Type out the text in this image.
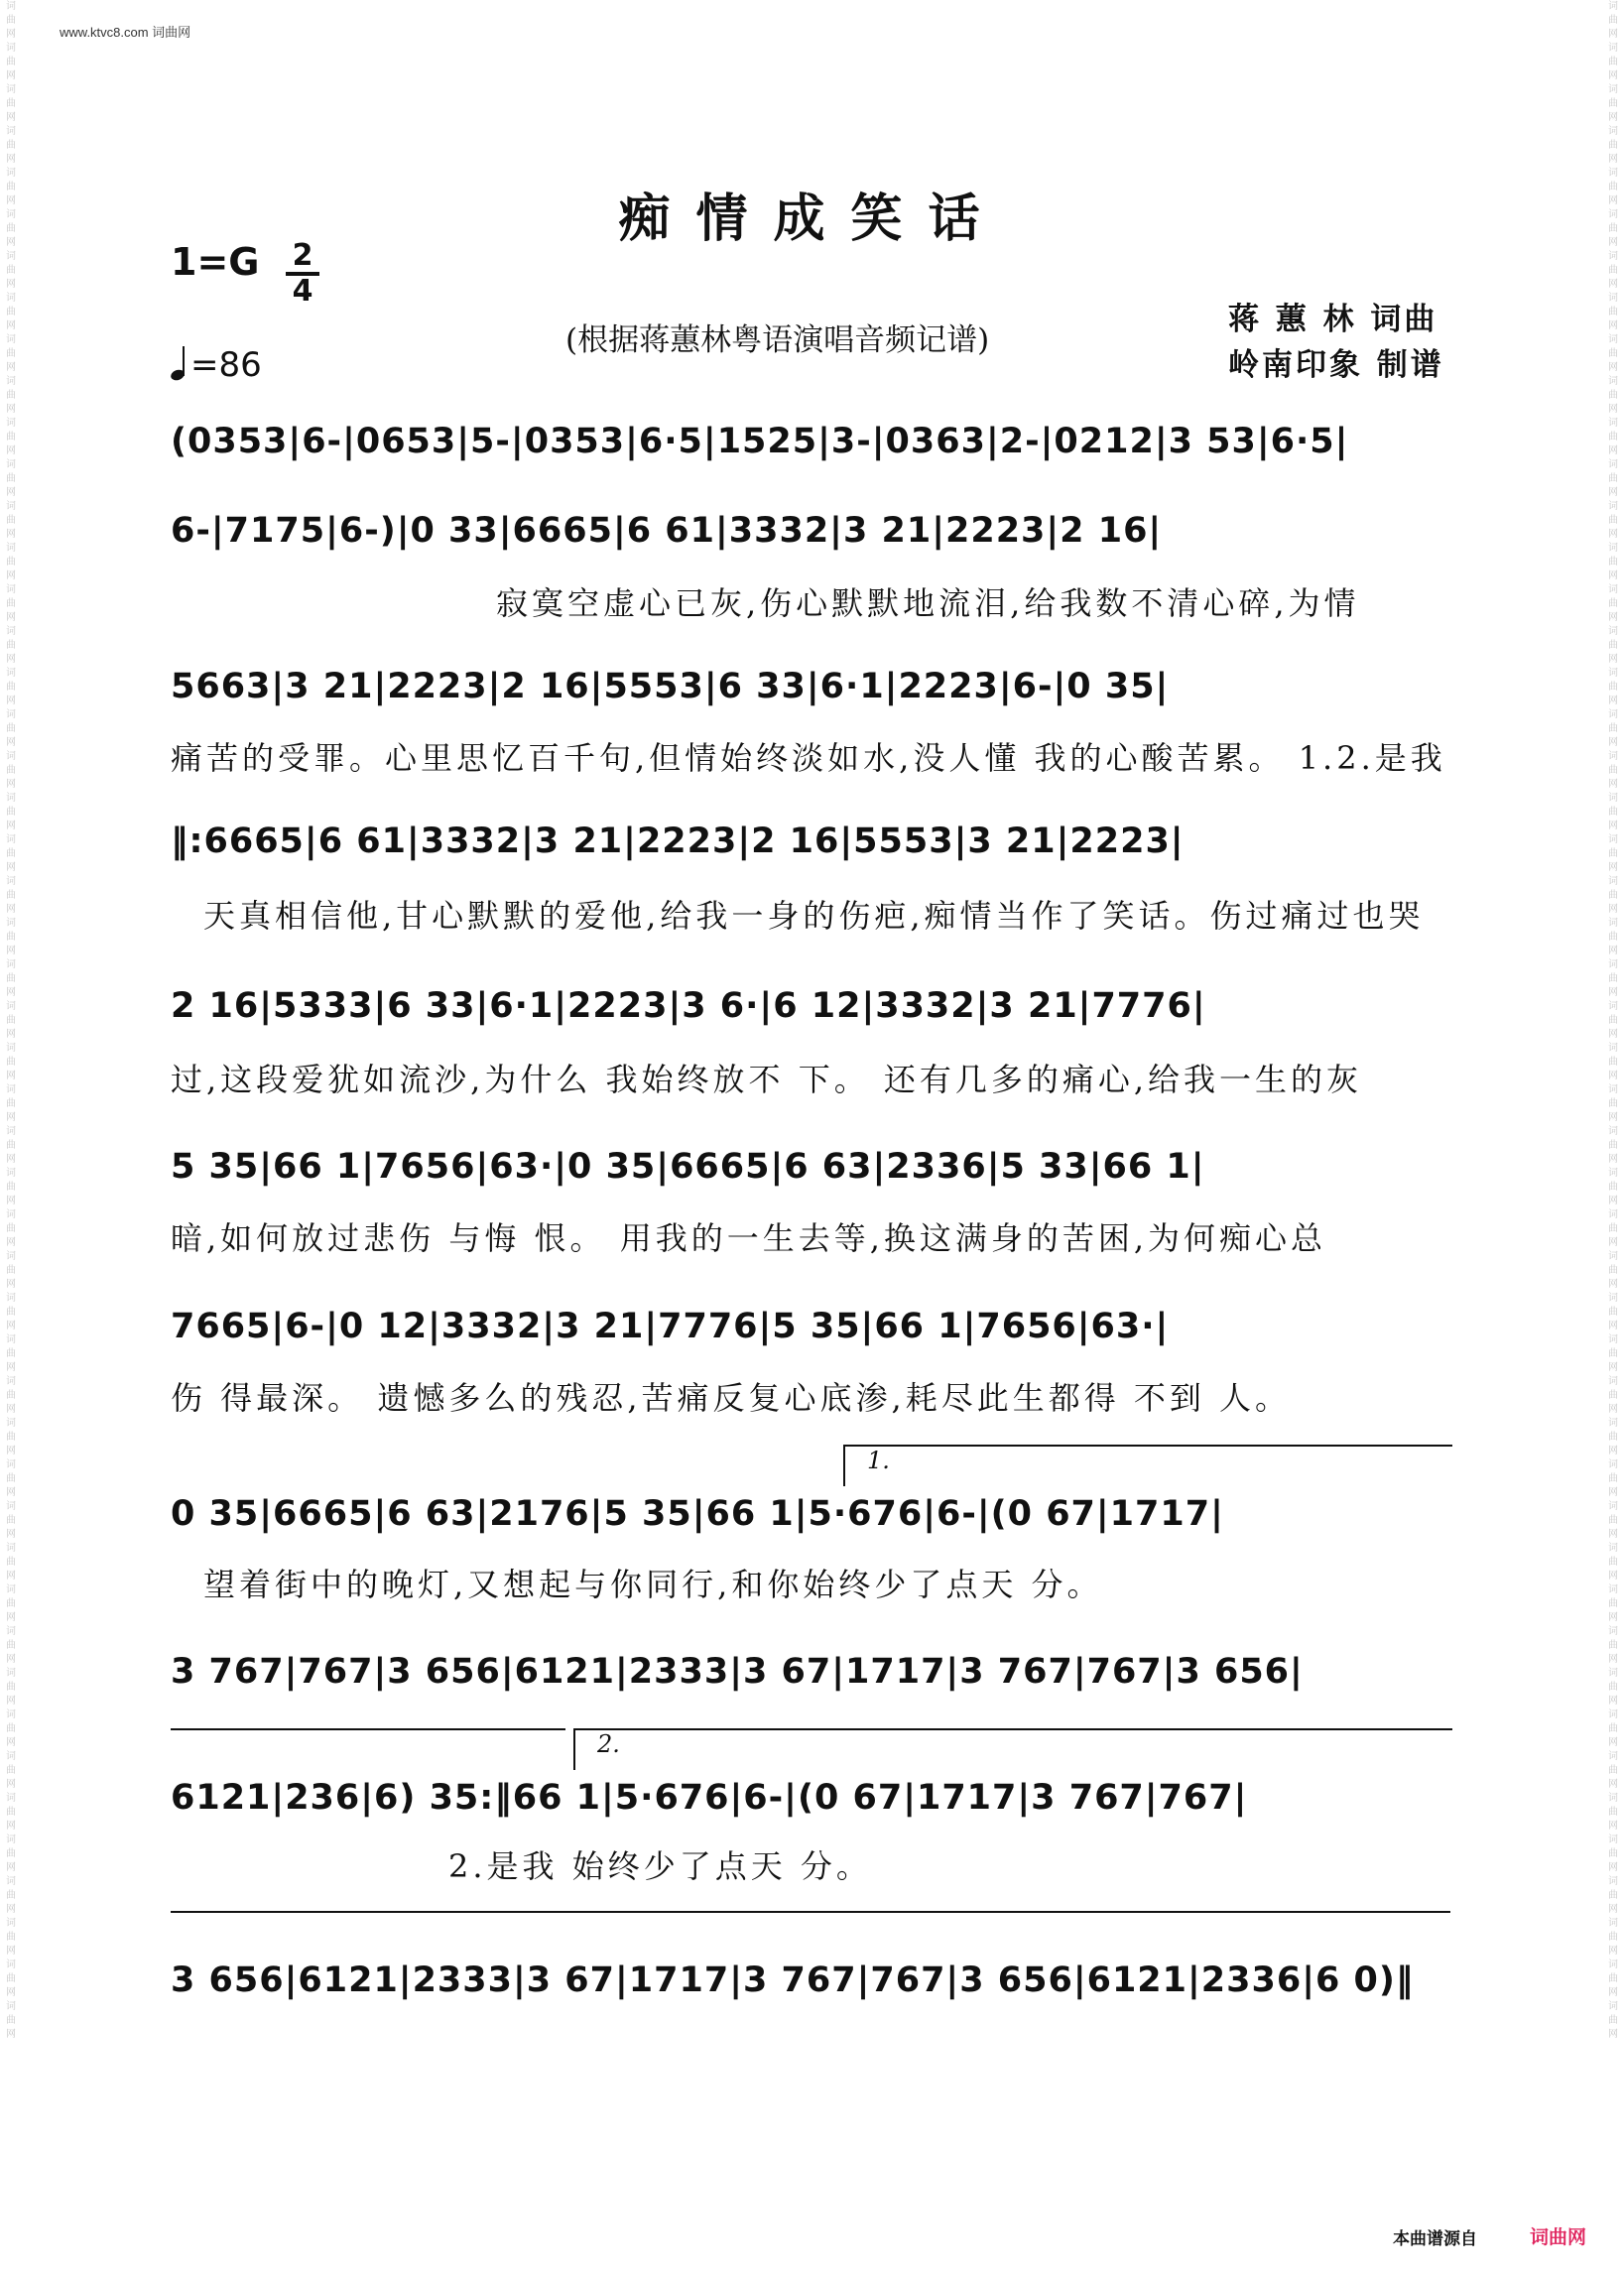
www.ktvc8.com 词曲网
词曲网词曲网词曲网词曲网词曲网词曲网词曲网词曲网词曲网词曲网词曲网词曲网词曲网词曲网词曲网词曲网词曲网词曲网词曲网词曲网词曲网词曲网词曲网词曲网词曲网词曲网词曲网词曲网词曲网词曲网词曲网词曲网词曲网词曲网词曲网词曲网词曲网词曲网词曲网词曲网词曲网词曲网词曲网词曲网词曲网词曲网词曲网词曲网词曲网
词曲网词曲网词曲网词曲网词曲网词曲网词曲网词曲网词曲网词曲网词曲网词曲网词曲网词曲网词曲网词曲网词曲网词曲网词曲网词曲网词曲网词曲网词曲网词曲网词曲网词曲网词曲网词曲网词曲网词曲网词曲网词曲网词曲网词曲网词曲网词曲网词曲网词曲网词曲网词曲网词曲网词曲网词曲网词曲网词曲网词曲网词曲网词曲网词曲网
痴情成笑话
1=G 2
4
=86
(根据蒋蕙林粤语演唱音频记谱)
蒋 蕙 林 词曲
岭南印象 制谱
(0353|6-|0653|5-|0353|6·5|1525|3-|0363|2-|0212|3 53|6·5|
6-|7175|6-)|0 33|6665|6 61|3332|3 21|2223|2 16|
寂寞空虚心已灰,伤心默默地流泪,给我数不清心碎,为情
5663|3 21|2223|2 16|5553|6 33|6·1|2223|6-|0 35|
痛苦的受罪。心里思忆百千句,但情始终淡如水,没人懂 我的心酸苦累。 1.2.是我
‖:6665|6 61|3332|3 21|2223|2 16|5553|3 21|2223|
天真相信他,甘心默默的爱他,给我一身的伤疤,痴情当作了笑话。伤过痛过也哭
2 16|5333|6 33|6·1|2223|3 6·|6 12|3332|3 21|7776|
过,这段爱犹如流沙,为什么 我始终放不 下。 还有几多的痛心,给我一生的灰
5 35|66 1|7656|63·|0 35|6665|6 63|2336|5 33|66 1|
暗,如何放过悲伤 与悔 恨。 用我的一生去等,换这满身的苦困,为何痴心总
7665|6-|0 12|3332|3 21|7776|5 35|66 1|7656|63·|
伤 得最深。 遗憾多么的残忍,苦痛反复心底渗,耗尽此生都得 不到 人。
1.
0 35|6665|6 63|2176|5 35|66 1|5·676|6-|(0 67|1717|
望着街中的晚灯,又想起与你同行,和你始终少了点天 分。
3 767|767|3 656|6121|2333|3 67|1717|3 767|767|3 656|
2.
6121|236|6) 35:‖66 1|5·676|6-|(0 67|1717|3 767|767|
2.是我 始终少了点天 分。
3 656|6121|2333|3 67|1717|3 767|767|3 656|6121|2336|6 0)‖
本曲谱源自	词曲网
